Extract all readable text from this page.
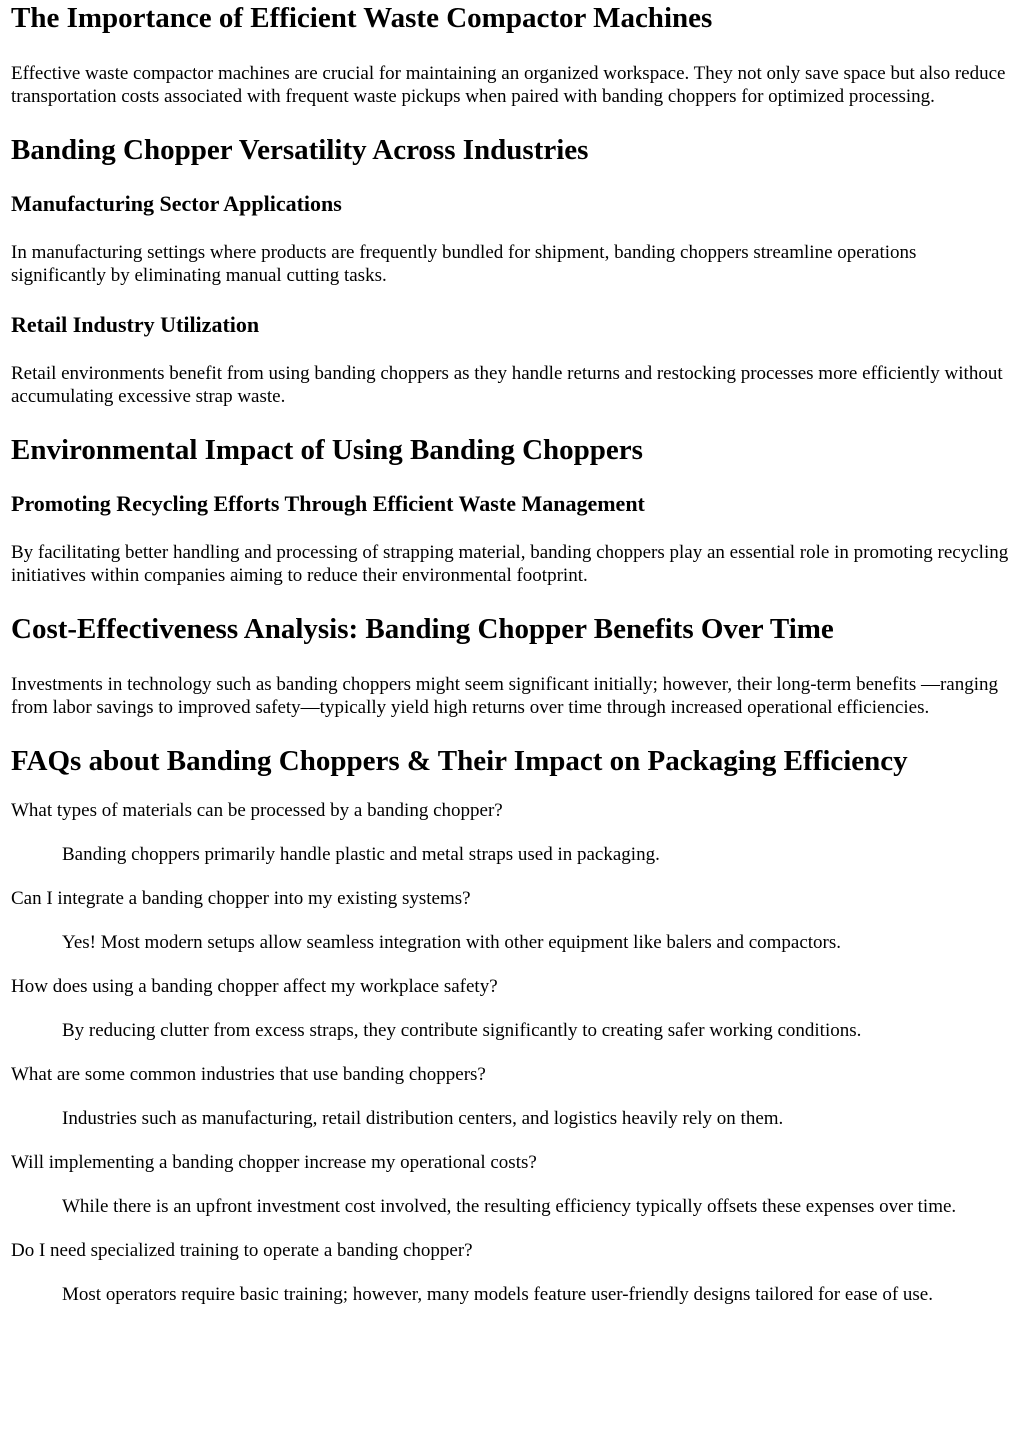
The Importance of Efficient Waste Compactor Machines

Effective waste compactor machines are crucial for maintaining an organized workspace. They not only save space but also reduce transportation costs associated with frequent waste pickups when paired with banding choppers for optimized processing.

Banding Chopper Versatility Across Industries
Manufacturing Sector Applications

In manufacturing settings where products are frequently bundled for shipment, banding choppers streamline operations significantly by eliminating manual cutting tasks.

Retail Industry Utilization

Retail environments benefit from using banding choppers as they handle returns and restocking processes more efficiently without accumulating excessive strap waste.

Environmental Impact of Using Banding Choppers
Promoting Recycling Efforts Through Efficient Waste Management

By facilitating better handling and processing of strapping material, banding choppers play an essential role in promoting recycling initiatives within companies aiming to reduce their environmental footprint.

Cost-Effectiveness Analysis: Banding Chopper Benefits Over Time

Investments in technology such as banding choppers might seem significant initially; however, their long-term benefits —ranging from labor savings to improved safety—typically yield high returns over time through increased operational efficiencies.

FAQs about Banding Choppers & Their Impact on Packaging Efficiency
What types of materials can be processed by a banding chopper?
Banding choppers primarily handle plastic and metal straps used in packaging.
Can I integrate a banding chopper into my existing systems?
Yes! Most modern setups allow seamless integration with other equipment like balers and compactors.
How does using a banding chopper affect my workplace safety?
By reducing clutter from excess straps, they contribute significantly to creating safer working conditions.
What are some common industries that use banding choppers?
Industries such as manufacturing, retail distribution centers, and logistics heavily rely on them.
Will implementing a banding chopper increase my operational costs?
While there is an upfront investment cost involved, the resulting efficiency typically offsets these expenses over time.
Do I need specialized training to operate a banding chopper?
Most operators require basic training; however, many models feature user-friendly designs tailored for ease of use.
